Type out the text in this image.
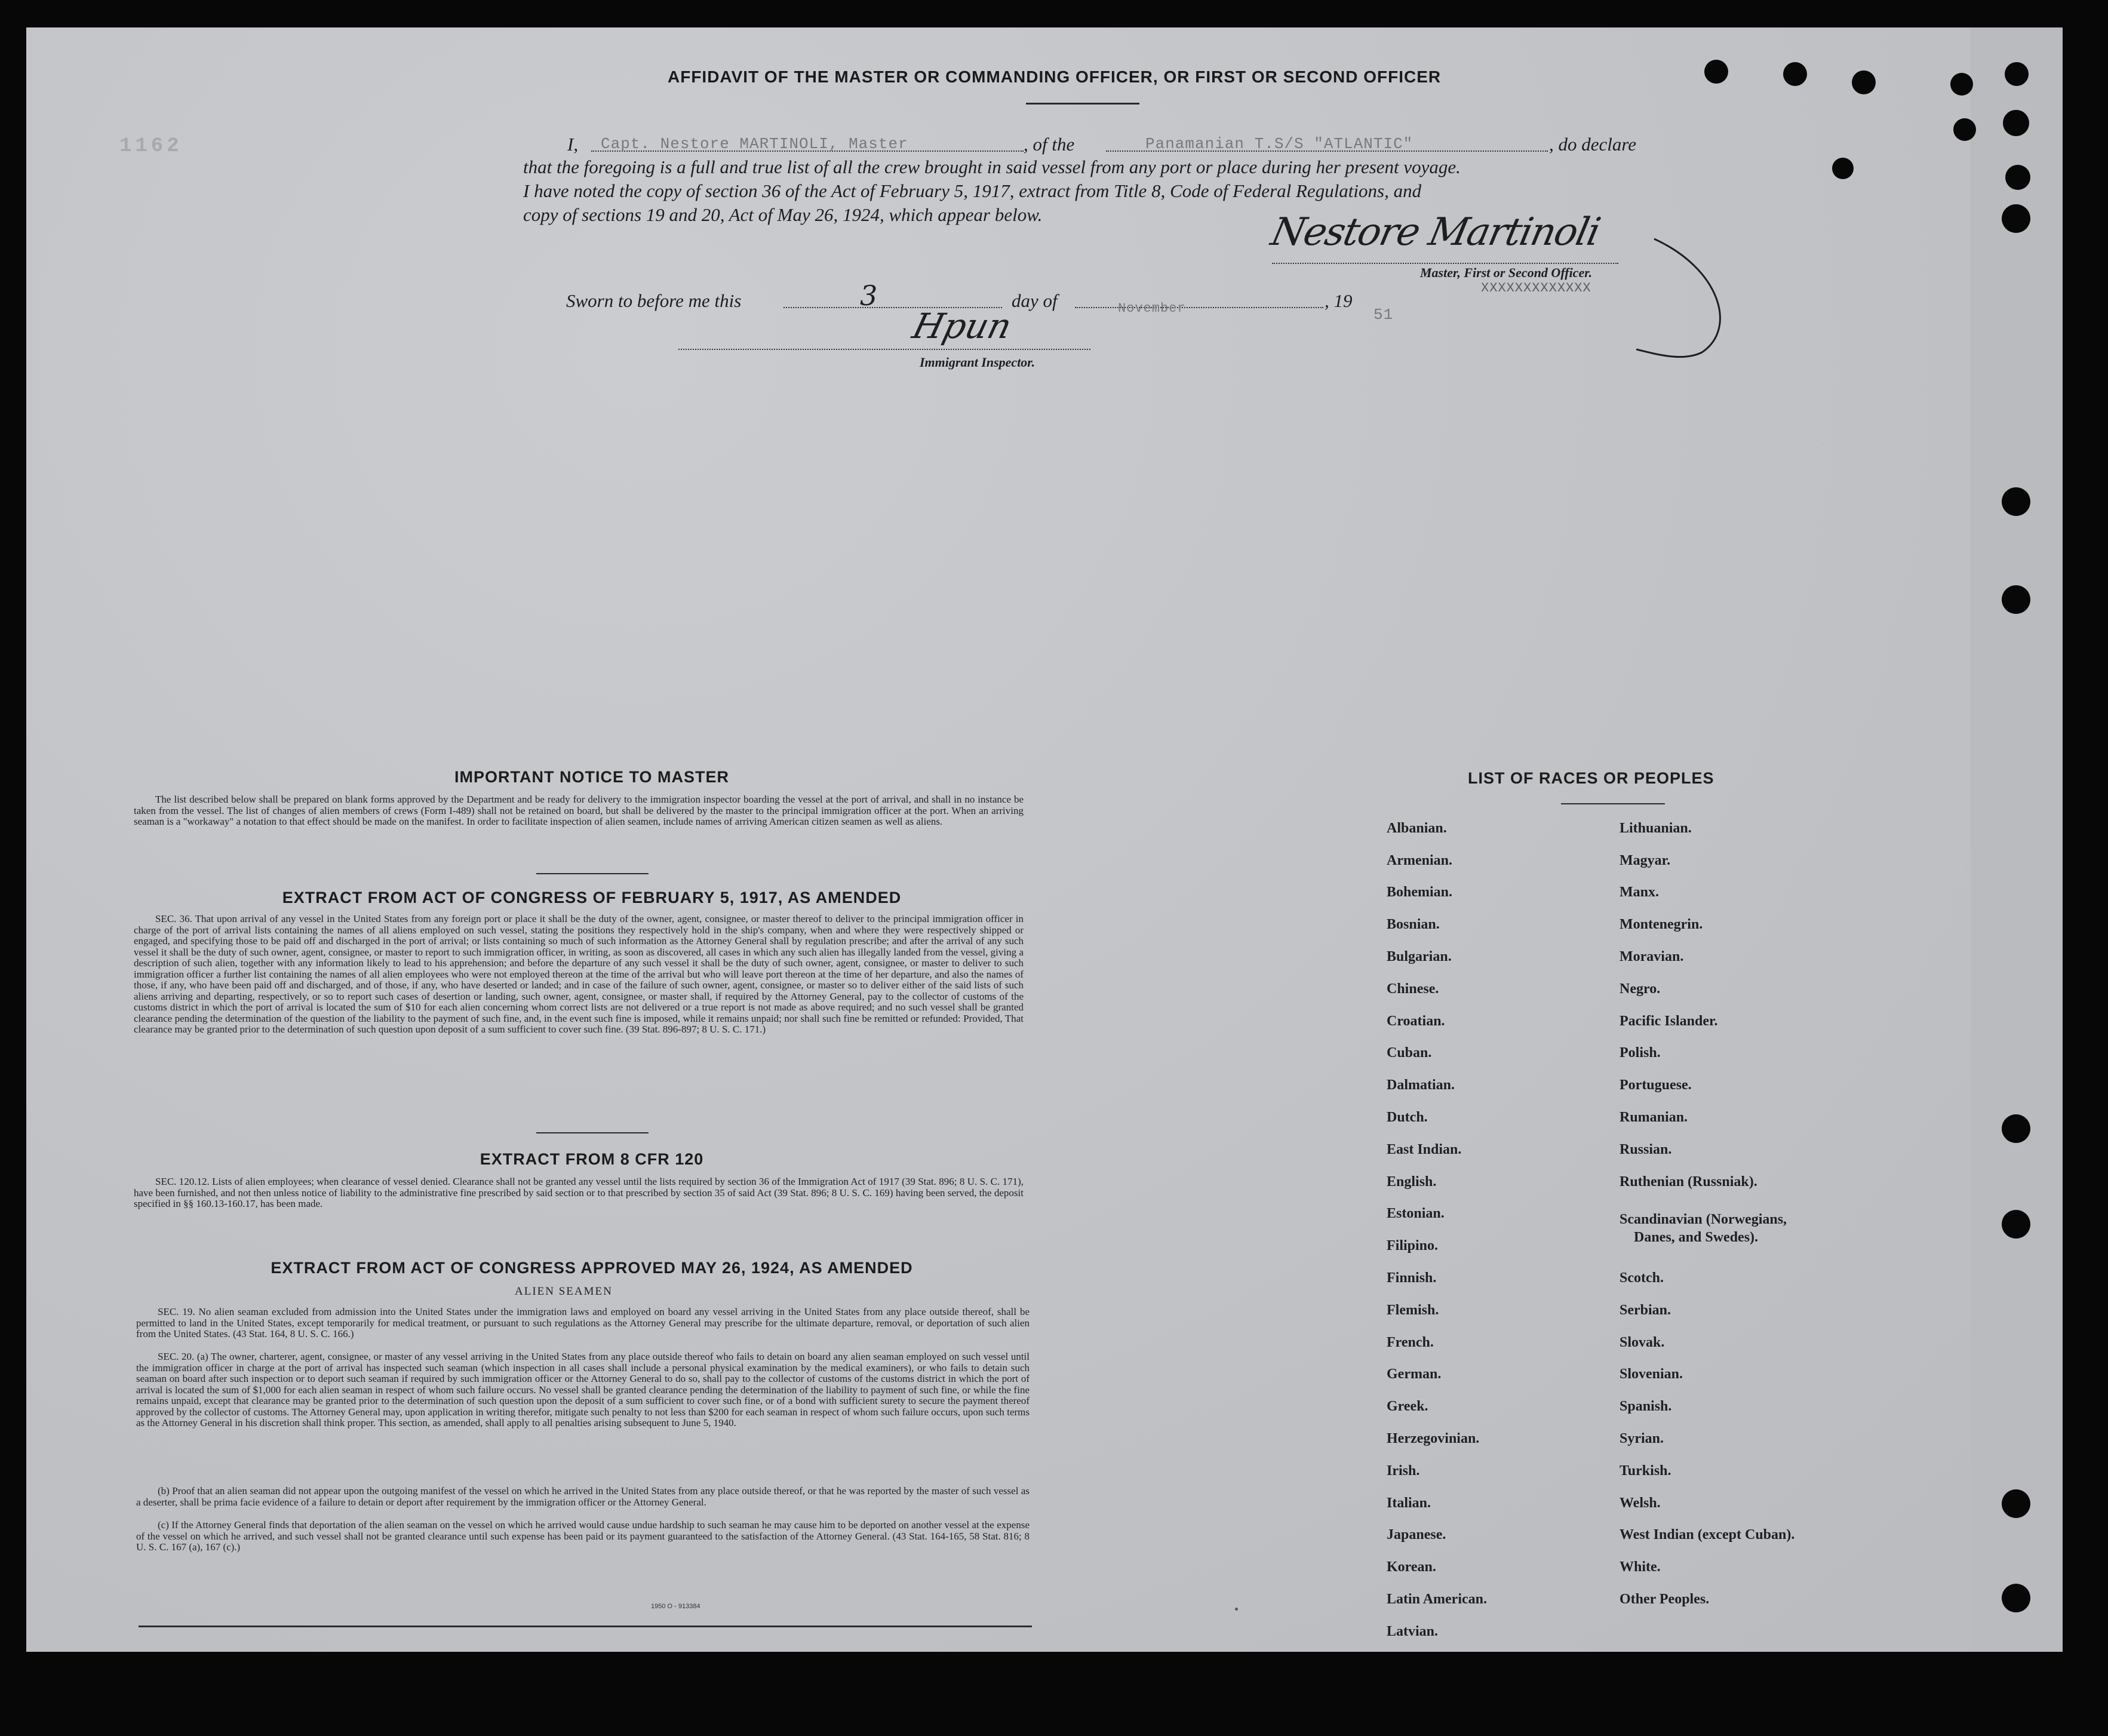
1162
AFFIDAVIT OF THE MASTER OR COMMANDING OFFICER, OR FIRST OR SECOND OFFICER
I, Capt. Nestore MARTINOLI, Master	, of the	Panamanian T.S/S "ATLANTIC"	, do declare
that the foregoing is a full and true list of all the crew brought in said vessel from any port or place during her present voyage.
I have noted the copy of section 36 of the Act of February 5, 1917, extract from Title 8, Code of Federal Regulations, and
copy of sections 19 and 20, Act of May 26, 1924, which appear below.	Nestore Martinoli
Master, First or Second Officer.
XXXXXXXXXXXXX
Sworn to before me this	3	day of	November	, 19
51
Hpun
Immigrant Inspector.
IMPORTANT NOTICE TO MASTER
The list described below shall be prepared on blank forms approved by the Department and be ready for delivery to the immigration inspector boarding the vessel at the port of arrival, and shall in no instance be taken from the vessel. The list of changes of alien members of crews (Form I-489) shall not be retained on board, but shall be delivered by the master to the principal immigration officer at the port. When an arriving seaman is a "workaway" a notation to that effect should be made on the manifest. In order to facilitate inspection of alien seamen, include names of arriving American citizen seamen as well as aliens.
EXTRACT FROM ACT OF CONGRESS OF FEBRUARY 5, 1917, AS AMENDED
SEC. 36. That upon arrival of any vessel in the United States from any foreign port or place it shall be the duty of the owner, agent, consignee, or master thereof to deliver to the principal immigration officer in charge of the port of arrival lists containing the names of all aliens employed on such vessel, stating the positions they respectively hold in the ship's company, when and where they were respectively shipped or engaged, and specifying those to be paid off and discharged in the port of arrival; or lists containing so much of such information as the Attorney General shall by regulation prescribe; and after the arrival of any such vessel it shall be the duty of such owner, agent, consignee, or master to report to such immigration officer, in writing, as soon as discovered, all cases in which any such alien has illegally landed from the vessel, giving a description of such alien, together with any information likely to lead to his apprehension; and before the departure of any such vessel it shall be the duty of such owner, agent, consignee, or master to deliver to such immigration officer a further list containing the names of all alien employees who were not employed thereon at the time of the arrival but who will leave port thereon at the time of her departure, and also the names of those, if any, who have been paid off and discharged, and of those, if any, who have deserted or landed; and in case of the failure of such owner, agent, consignee, or master so to deliver either of the said lists of such aliens arriving and departing, respectively, or so to report such cases of desertion or landing, such owner, agent, consignee, or master shall, if required by the Attorney General, pay to the collector of customs of the customs district in which the port of arrival is located the sum of $10 for each alien concerning whom correct lists are not delivered or a true report is not made as above required; and no such vessel shall be granted clearance pending the determination of the question of the liability to the payment of such fine, and, in the event such fine is imposed, while it remains unpaid; nor shall such fine be remitted or refunded: Provided, That clearance may be granted prior to the determination of such question upon deposit of a sum sufficient to cover such fine. (39 Stat. 896-897; 8 U. S. C. 171.)
EXTRACT FROM 8 CFR 120
SEC. 120.12. Lists of alien employees; when clearance of vessel denied. Clearance shall not be granted any vessel until the lists required by section 36 of the Immigration Act of 1917 (39 Stat. 896; 8 U. S. C. 171), have been furnished, and not then unless notice of liability to the administrative fine prescribed by said section or to that prescribed by section 35 of said Act (39 Stat. 896; 8 U. S. C. 169) having been served, the deposit specified in §§ 160.13-160.17, has been made.
EXTRACT FROM ACT OF CONGRESS APPROVED MAY 26, 1924, AS AMENDED
ALIEN SEAMEN
SEC. 19. No alien seaman excluded from admission into the United States under the immigration laws and employed on board any vessel arriving in the United States from any place outside thereof, shall be permitted to land in the United States, except temporarily for medical treatment, or pursuant to such regulations as the Attorney General may prescribe for the ultimate departure, removal, or deportation of such alien from the United States. (43 Stat. 164, 8 U. S. C. 166.)
SEC. 20. (a) The owner, charterer, agent, consignee, or master of any vessel arriving in the United States from any place outside thereof who fails to detain on board any alien seaman employed on such vessel until the immigration officer in charge at the port of arrival has inspected such seaman (which inspection in all cases shall include a personal physical examination by the medical examiners), or who fails to detain such seaman on board after such inspection or to deport such seaman if required by such immigration officer or the Attorney General to do so, shall pay to the collector of customs of the customs district in which the port of arrival is located the sum of $1,000 for each alien seaman in respect of whom such failure occurs. No vessel shall be granted clearance pending the determination of the liability to payment of such fine, or while the fine remains unpaid, except that clearance may be granted prior to the determination of such question upon the deposit of a sum sufficient to cover such fine, or of a bond with sufficient surety to secure the payment thereof approved by the collector of customs. The Attorney General may, upon application in writing therefor, mitigate such penalty to not less than $200 for each seaman in respect of whom such failure occurs, upon such terms as the Attorney General in his discretion shall think proper. This section, as amended, shall apply to all penalties arising subsequent to June 5, 1940.
(b) Proof that an alien seaman did not appear upon the outgoing manifest of the vessel on which he arrived in the United States from any place outside thereof, or that he was reported by the master of such vessel as a deserter, shall be prima facie evidence of a failure to detain or deport after requirement by the immigration officer or the Attorney General.
(c) If the Attorney General finds that deportation of the alien seaman on the vessel on which he arrived would cause undue hardship to such seaman he may cause him to be deported on another vessel at the expense of the vessel on which he arrived, and such vessel shall not be granted clearance until such expense has been paid or its payment guaranteed to the satisfaction of the Attorney General. (43 Stat. 164-165, 58 Stat. 816; 8 U. S. C. 167 (a), 167 (c).)
1950 O - 913384
LIST OF RACES OR PEOPLES
Albanian.
Armenian.
Bohemian.
Bosnian.
Bulgarian.
Chinese.
Croatian.
Cuban.
Dalmatian.
Dutch.
East Indian.
English.
Estonian.
Filipino.
Finnish.
Flemish.
French.
German.
Greek.
Herzegovinian.
Irish.
Italian.
Japanese.
Korean.
Latin American.
Latvian.
Lithuanian.
Magyar.
Manx.
Montenegrin.
Moravian.
Negro.
Pacific Islander.
Polish.
Portuguese.
Rumanian.
Russian.
Ruthenian (Russniak).
Scandinavian (Norwegians,
Danes, and Swedes).
Scotch.
Serbian.
Slovak.
Slovenian.
Spanish.
Syrian.
Turkish.
Welsh.
West Indian (except Cuban).
White.
Other Peoples.
